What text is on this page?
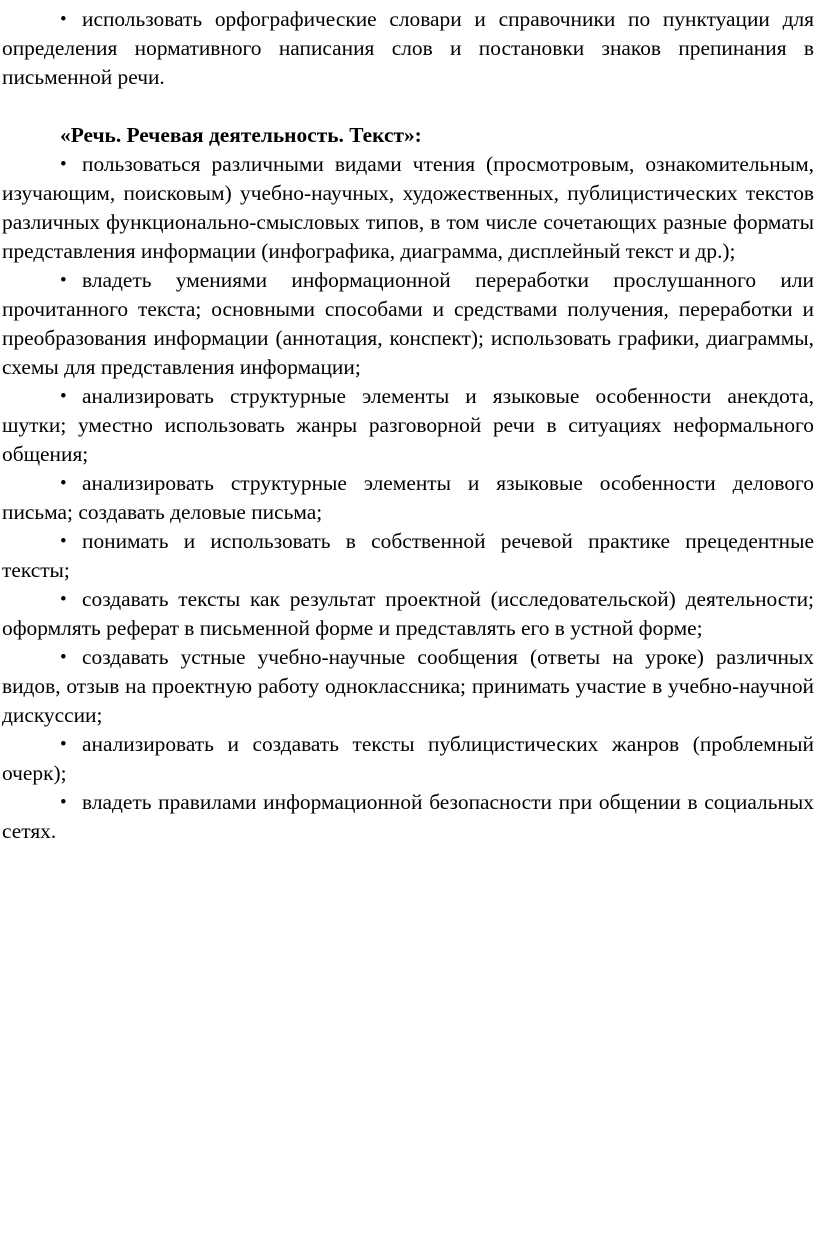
• использовать орфографические словари и справочники по пунктуации для определения нормативного написания слов и постановки знаков препинания в письменной речи.

«Речь. Речевая деятельность. Текст»:

• пользоваться различными видами чтения (просмотровым, ознакомительным, изучающим, поисковым) учебно-научных, художественных, публицистических текстов различных функционально-смысловых типов, в том числе сочетающих разные форматы представления информации (инфографика, диаграмма, дисплейный текст и др.);

• владеть умениями информационной переработки прослушанного или прочитанного текста; основными способами и средствами получения, переработки и преобразования информации (аннотация, конспект); использовать графики, диаграммы, схемы для представления информации;

• анализировать структурные элементы и языковые особенности анекдота, шутки; уместно использовать жанры разговорной речи в ситуациях неформального общения;

• анализировать структурные элементы и языковые особенности делового письма; создавать деловые письма;

• понимать и использовать в собственной речевой практике прецедентные тексты;

• создавать тексты как результат проектной (исследовательской) деятельности; оформлять реферат в письменной форме и представлять его в устной форме;

• создавать устные учебно-научные сообщения (ответы на уроке) различных видов, отзыв на проектную работу одноклассника; принимать участие в учебно-научной дискуссии;

• анализировать и создавать тексты публицистических жанров (проблемный очерк);

• владеть правилами информационной безопасности при общении в социальных сетях.
